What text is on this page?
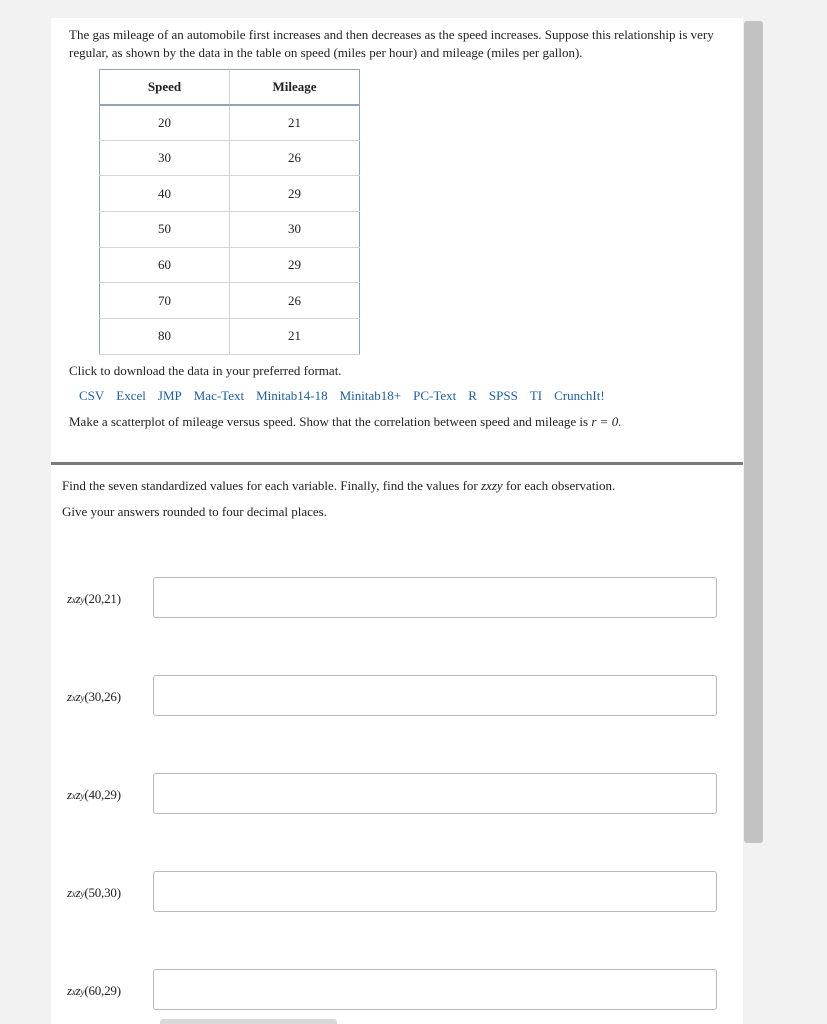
The gas mileage of an automobile first increases and then decreases as the speed increases. Suppose this relationship is very regular, as shown by the data in the table on speed (miles per hour) and mileage (miles per gallon).

Speed	Mileage
20	21
30	26
40	29
50	30
60	29
70	26
80	21
Click to download the data in your preferred format.
CSV Excel JMP Mac-Text Minitab14-18 Minitab18+ PC-Text R SPSS TI CrunchIt!
Make a scatterplot of mileage versus speed. Show that the correlation between speed and mileage is r = 0.
Find the seven standardized values for each variable. Finally, find the values for zxzy for each observation.
Give your answers rounded to four decimal places.
zxzy(20,21)
zxzy(30,26)
zxzy(40,29)
zxzy(50,30)
zxzy(60,29)
